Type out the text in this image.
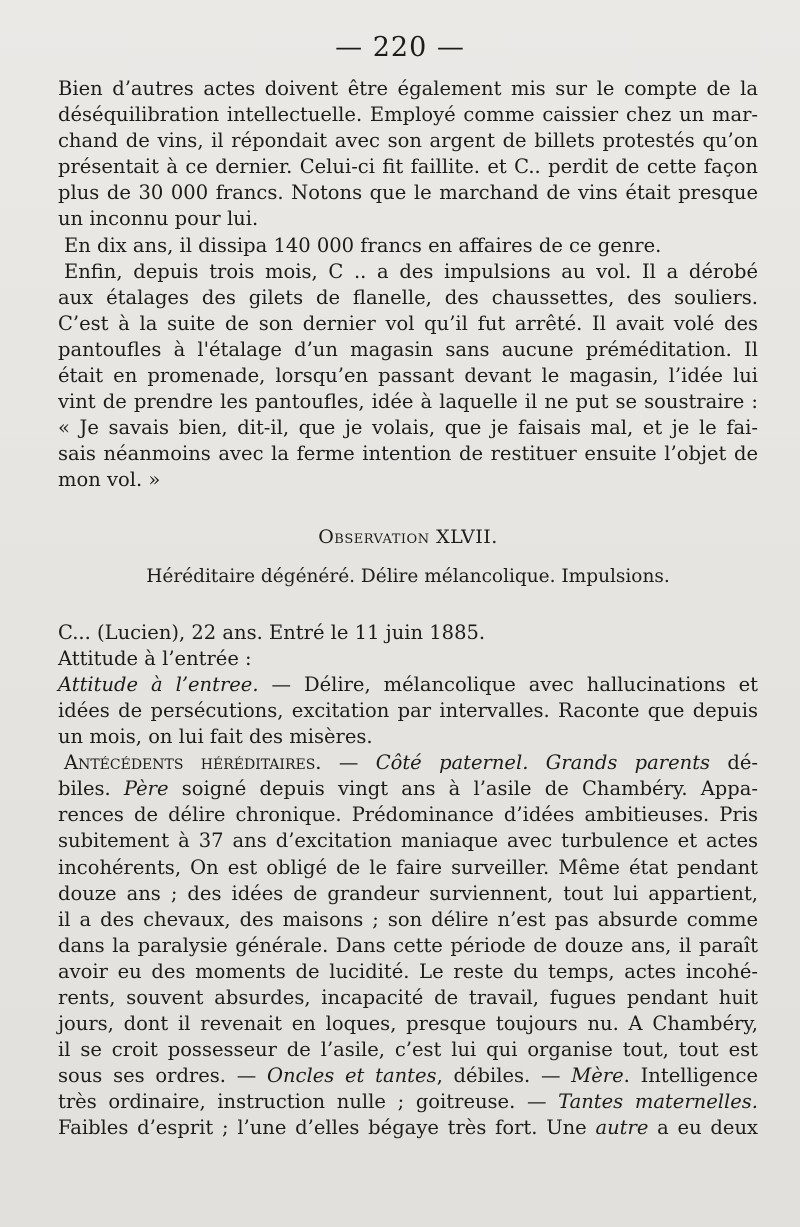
— 220 —
Bien d’autres actes doivent être également mis sur le compte de la
déséquilibration intellectuelle. Employé comme caissier chez un mar-
chand de vins, il répondait avec son argent de billets protestés qu’on
présentait à ce dernier. Celui-ci fit faillite. et C.. perdit de cette façon
plus de 30 000 francs. Notons que le marchand de vins était presque
un inconnu pour lui.
En dix ans, il dissipa 140 000 francs en affaires de ce genre.
Enfin, depuis trois mois, C .. a des impulsions au vol. Il a dérobé
aux étalages des gilets de flanelle, des chaussettes, des souliers.
C’est à la suite de son dernier vol qu’il fut arrêté. Il avait volé des
pantoufles à l'étalage d’un magasin sans aucune préméditation. Il
était en promenade, lorsqu’en passant devant le magasin, l’idée lui
vint de prendre les pantoufles, idée à laquelle il ne put se soustraire :
« Je savais bien, dit-il, que je volais, que je faisais mal, et je le fai-
sais néanmoins avec la ferme intention de restituer ensuite l’objet de
mon vol. »
Observation XLVII.
Héréditaire dégénéré. Délire mélancolique. Impulsions.
C... (Lucien), 22 ans. Entré le 11 juin 1885.
Attitude à l’entrée :
Attitude à l’entree. — Délire, mélancolique avec hallucinations et
idées de persécutions, excitation par intervalles. Raconte que depuis
un mois, on lui fait des misères.
Antécédents héréditaires. — Côté paternel. Grands parents dé-
biles. Père soigné depuis vingt ans à l’asile de Chambéry. Appa-
rences de délire chronique. Prédominance d’idées ambitieuses. Pris
subitement à 37 ans d’excitation maniaque avec turbulence et actes
incohérents, On est obligé de le faire surveiller. Même état pendant
douze ans ; des idées de grandeur surviennent, tout lui appartient,
il a des chevaux, des maisons ; son délire n’est pas absurde comme
dans la paralysie générale. Dans cette période de douze ans, il paraît
avoir eu des moments de lucidité. Le reste du temps, actes incohé-
rents, souvent absurdes, incapacité de travail, fugues pendant huit
jours, dont il revenait en loques, presque toujours nu. A Chambéry,
il se croit possesseur de l’asile, c’est lui qui organise tout, tout est
sous ses ordres. — Oncles et tantes, débiles. — Mère. Intelligence
très ordinaire, instruction nulle ; goitreuse. — Tantes maternelles.
Faibles d’esprit ; l’une d’elles bégaye très fort. Une autre a eu deux
